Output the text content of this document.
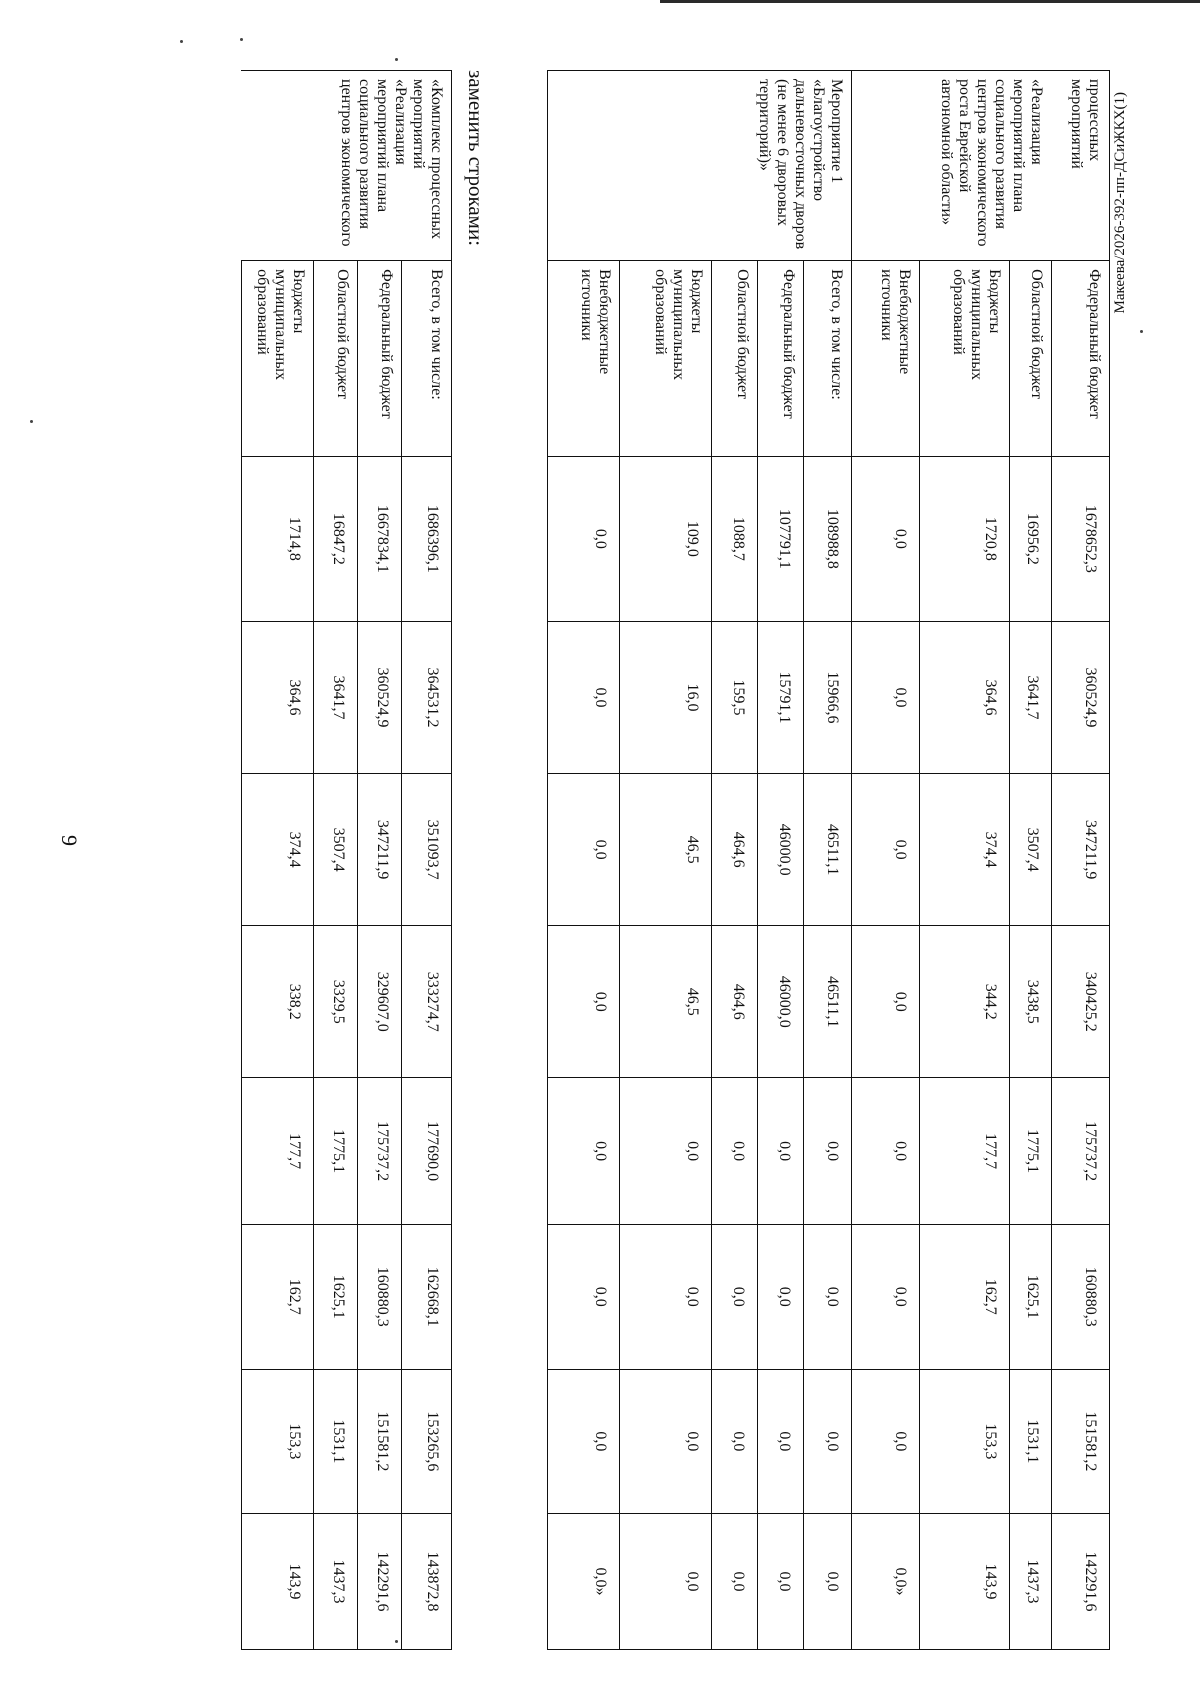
9
Макеева/2026-392-пп-ДСиЖКХ(1)
процессных мероприятий	Федеральный бюджет	1678652,3	360524,9	347211,9	340425,2	175737,2	160880,3	151581,2	142291,6
«Реализация мероприятий плана социального развития центров экономического роста Еврейской автономной области»	Областной бюджет	16956,2	3641,7	3507,4	3438,5	1775,1	1625,1	1531,1	1437,3
	Бюджеты муниципальных образований	1720,8	364,6	374,4	344,2	177,7	162,7	153,3	143,9
	Внебюджетные источники	0,0	0,0	0,0	0,0	0,0	0,0	0,0	0,0»
Мероприятие 1 «Благоустройство дальневосточных дворов (не менее 6 дворовых территорий)»	Всего, в том числе:	108988,8	15966,6	46511,1	46511,1	0,0	0,0	0,0	0,0
	Федеральный бюджет	107791,1	15791,1	46000,0	46000,0	0,0	0,0	0,0	0,0
	Областной бюджет	1088,7	159,5	464,6	464,6	0,0	0,0	0,0	0,0
	Бюджеты муниципальных образований	109,0	16,0	46,5	46,5	0,0	0,0	0,0	0,0
	Внебюджетные источники	0,0	0,0	0,0	0,0	0,0	0,0	0,0	0,0»
заменить строками:
«Комплекс процессных мероприятий «Реализация мероприятий плана социального развития центров экономического	Всего, в том числе:	1686396,1	364531,2	351093,7	333274,7	177690,0	162668,1	153265,6	143872,8
	Федеральный бюджет	1667834,1	360524,9	347211,9	329607,0	175737,2	160880,3	151581,2	142291,6
	Областной бюджет	16847,2	3641,7	3507,4	3329,5	1775,1	1625,1	1531,1	1437,3
	Бюджеты муниципальных образований	1714,8	364,6	374,4	338,2	177,7	162,7	153,3	143,9
